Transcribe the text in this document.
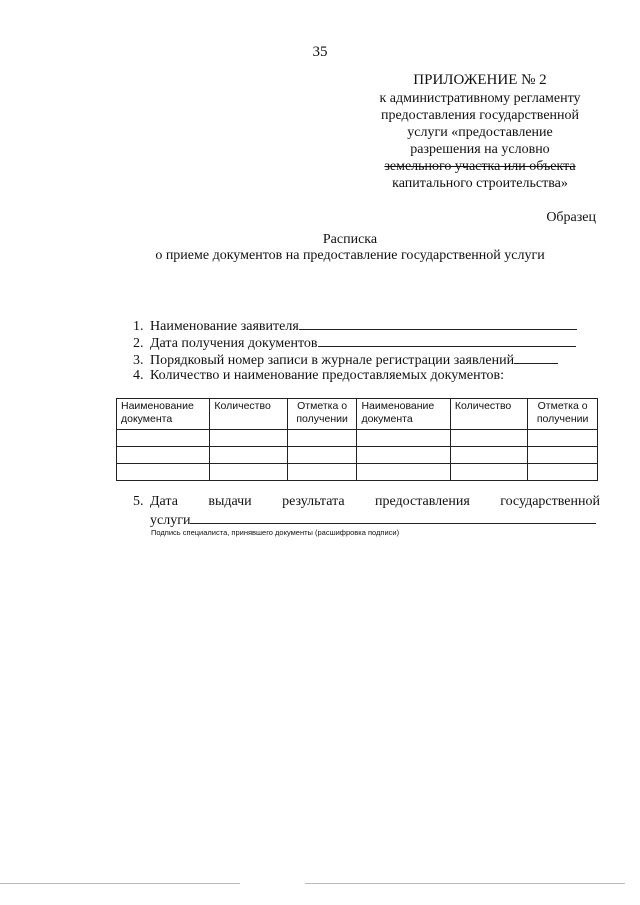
35
ПРИЛОЖЕНИЕ № 2
к административному регламенту
предоставления государственной
услуги «предоставление
разрешения на условно
земельного участка или объекта
капитального строительства»
Образец
Расписка
о приеме документов на предоставление государственной услуги
1. Наименование заявителя
2. Дата получения документов
3. Порядковый номер записи в журнале регистрации заявлений
4. Количество и наименование предоставляемых документов:
Наименование документа	Количество	Отметка о получении	Наименование документа	Количество	Отметка о получении

5. Дата выдачи результата предоставления государственной
услуги
Подпись специалиста, принявшего документы (расшифровка подписи)
